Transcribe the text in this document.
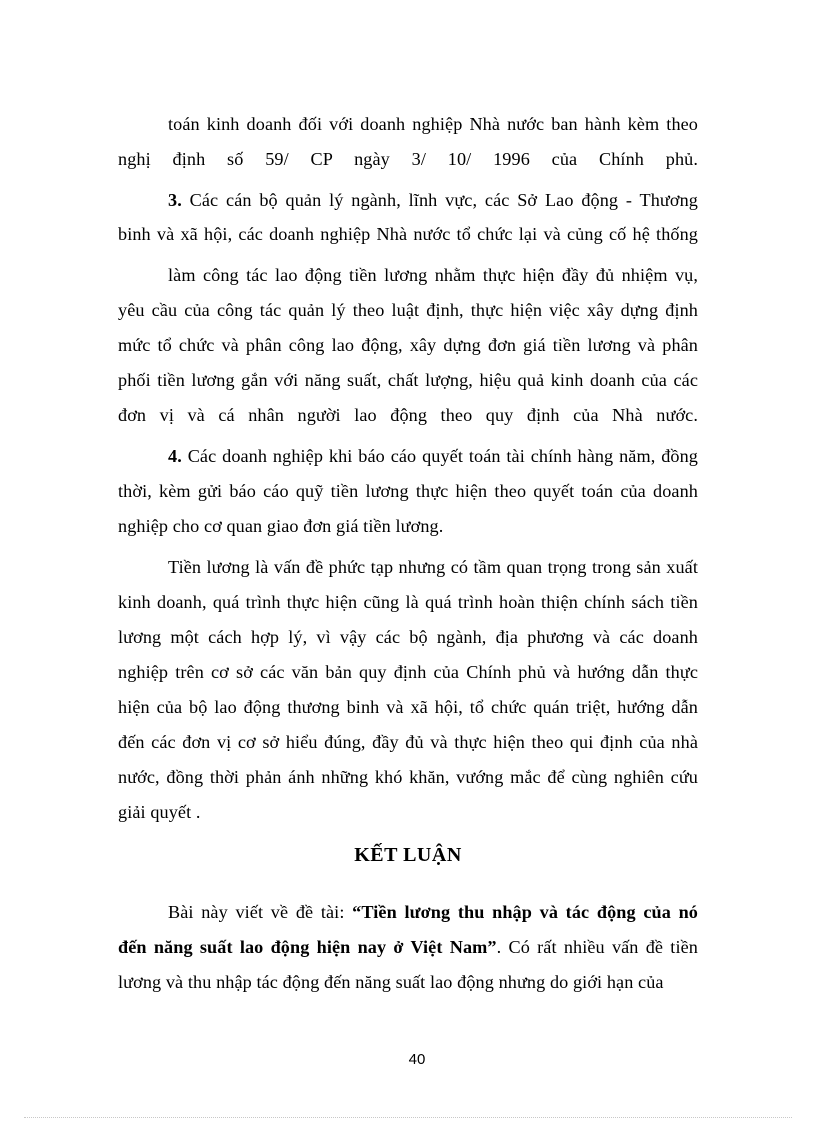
toán kinh doanh đối với doanh nghiệp Nhà nước ban hành kèm theo
nghị định số 59/ CP ngày 3/ 10/ 1996 của Chính phủ.
3. Các cán bộ quản lý ngành, lĩnh vực, các Sở Lao động - Thương
binh và xã hội, các doanh nghiệp Nhà nước tổ chức lại và củng cố hệ thống
làm công tác lao động tiền lương nhằm thực hiện đầy đủ nhiệm vụ,
yêu cầu của công tác quản lý theo luật định, thực hiện việc xây dựng định
mức tổ chức và phân công lao động, xây dựng đơn giá tiền lương và phân
phối tiền lương gắn với năng suất, chất lượng, hiệu quả kinh doanh của các
đơn vị và cá nhân người lao động theo quy định của Nhà nước.
4. Các doanh nghiệp khi báo cáo quyết toán tài chính hàng năm, đồng
thời, kèm gửi báo cáo quỹ tiền lương thực hiện theo quyết toán của doanh
nghiệp cho cơ quan giao đơn giá tiền lương.
Tiền lương là vấn đề phức tạp nhưng có tầm quan trọng trong sản xuất
kinh doanh, quá trình thực hiện cũng là quá trình hoàn thiện chính sách tiền
lương một cách hợp lý, vì vậy các bộ ngành, địa phương và các doanh
nghiệp trên cơ sở các văn bản quy định của Chính phủ và hướng dẫn thực
hiện của bộ lao động thương binh và xã hội, tổ chức quán triệt, hướng dẫn
đến các đơn vị cơ sở hiểu đúng, đầy đủ và thực hiện theo qui định của nhà
nước, đồng thời phản ánh những khó khăn, vướng mắc để cùng nghiên cứu
giải quyết .
KẾT LUẬN
Bài này viết về đề tài: “Tiền lương thu nhập và tác động của nó
đến năng suất lao động hiện nay ở Việt Nam”. Có rất nhiều vấn đề tiền
lương và thu nhập tác động đến năng suất lao động nhưng do giới hạn của
40
